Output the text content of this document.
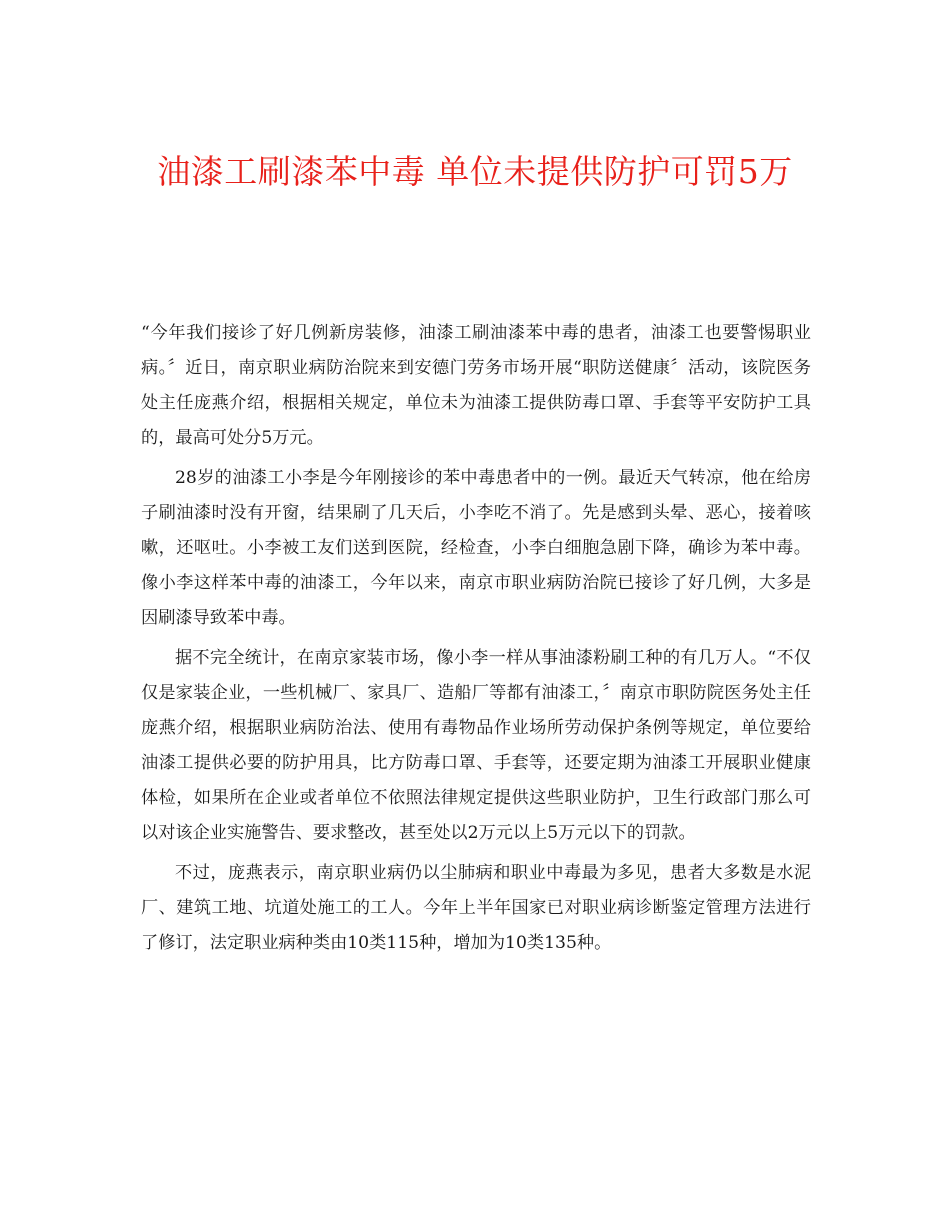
油漆工刷漆苯中毒 单位未提供防护可罚5万

“今年我们接诊了好几例新房装修，油漆工刷油漆苯中毒的患者，油漆工也要警惕职业病。〞近日，南京职业病防治院来到安德门劳务市场开展“职防送健康〞活动，该院医务处主任庞燕介绍，根据相关规定，单位未为油漆工提供防毒口罩、手套等平安防护工具的，最高可处分5万元。

28岁的油漆工小李是今年刚接诊的苯中毒患者中的一例。最近天气转凉，他在给房子刷油漆时没有开窗，结果刷了几天后，小李吃不消了。先是感到头晕、恶心，接着咳嗽，还呕吐。小李被工友们送到医院，经检查，小李白细胞急剧下降，确诊为苯中毒。像小李这样苯中毒的油漆工，今年以来，南京市职业病防治院已接诊了好几例，大多是因刷漆导致苯中毒。

据不完全统计，在南京家装市场，像小李一样从事油漆粉刷工种的有几万人。“不仅仅是家装企业，一些机械厂、家具厂、造船厂等都有油漆工，〞南京市职防院医务处主任庞燕介绍，根据职业病防治法、使用有毒物品作业场所劳动保护条例等规定，单位要给油漆工提供必要的防护用具，比方防毒口罩、手套等，还要定期为油漆工开展职业健康体检，如果所在企业或者单位不依照法律规定提供这些职业防护，卫生行政部门那么可以对该企业实施警告、要求整改，甚至处以2万元以上5万元以下的罚款。

不过，庞燕表示，南京职业病仍以尘肺病和职业中毒最为多见，患者大多数是水泥厂、建筑工地、坑道处施工的工人。今年上半年国家已对职业病诊断鉴定管理方法进行了修订，法定职业病种类由10类115种，增加为10类135种。
